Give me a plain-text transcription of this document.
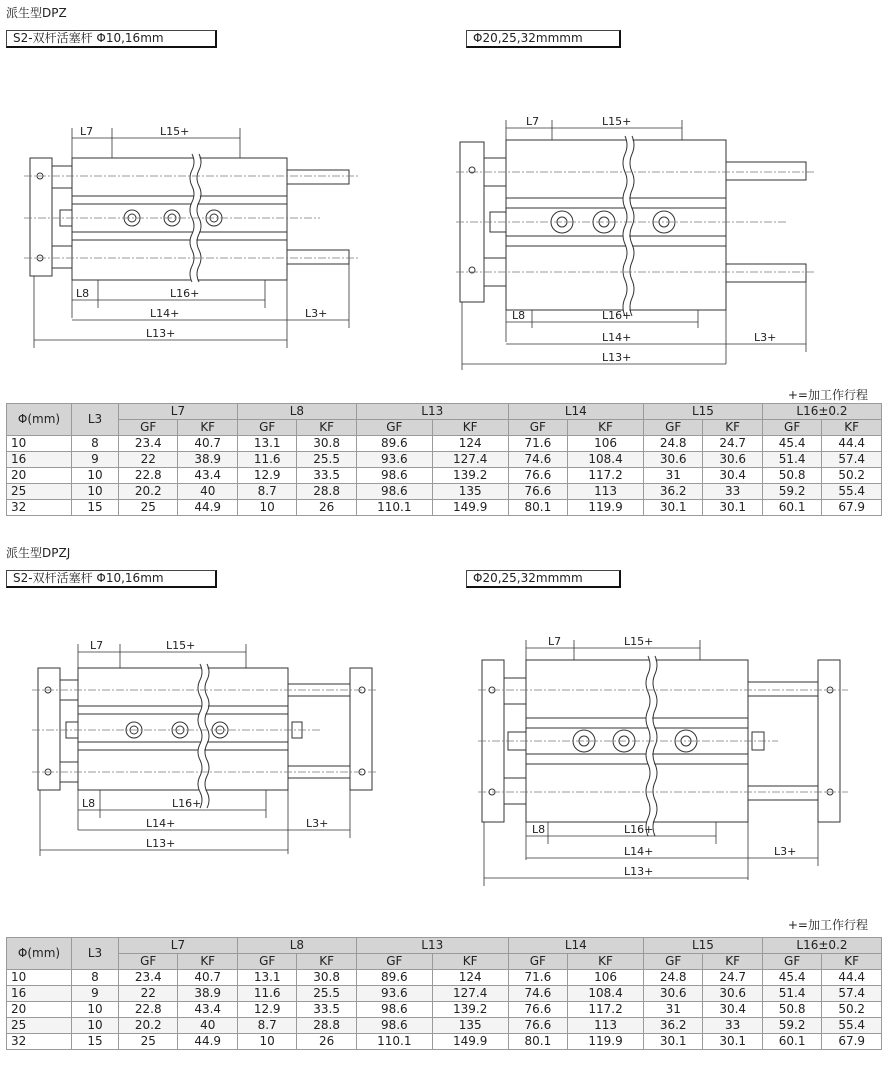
派生型DPZ
S2-双杆活塞杆 Φ10,16mm	Φ20,25,32mmmm
L7	L15+
L8	L16+
L14+	L3+
L13+
L7	L15+
L8	L16+
L14+	L3+
L13+
+=加工作行程
Φ(mm)	L3	L7		L8		L13		L14		L15		L16±0.2	
		GF	KF	GF	KF	GF	KF	GF	KF	GF	KF	GF	KF
10	8	23.4	40.7	13.1	30.8	89.6	124	71.6	106	24.8	24.7	45.4	44.4
16	9	22	38.9	11.6	25.5	93.6	127.4	74.6	108.4	30.6	30.6	51.4	57.4
20	10	22.8	43.4	12.9	33.5	98.6	139.2	76.6	117.2	31	30.4	50.8	50.2
25	10	20.2	40	8.7	28.8	98.6	135	76.6	113	36.2	33	59.2	55.4
32	15	25	44.9	10	26	110.1	149.9	80.1	119.9	30.1	30.1	60.1	67.9
派生型DPZJ
S2-双杆活塞杆 Φ10,16mm	Φ20,25,32mmmm
L7	L15+
L8	L16+
L14+	L3+
L13+
L7	L15+
L8	L16+
L14+	L3+
L13+
+=加工作行程
Φ(mm)	L3	L7		L8		L13		L14		L15		L16±0.2	
		GF	KF	GF	KF	GF	KF	GF	KF	GF	KF	GF	KF
10	8	23.4	40.7	13.1	30.8	89.6	124	71.6	106	24.8	24.7	45.4	44.4
16	9	22	38.9	11.6	25.5	93.6	127.4	74.6	108.4	30.6	30.6	51.4	57.4
20	10	22.8	43.4	12.9	33.5	98.6	139.2	76.6	117.2	31	30.4	50.8	50.2
25	10	20.2	40	8.7	28.8	98.6	135	76.6	113	36.2	33	59.2	55.4
32	15	25	44.9	10	26	110.1	149.9	80.1	119.9	30.1	30.1	60.1	67.9
